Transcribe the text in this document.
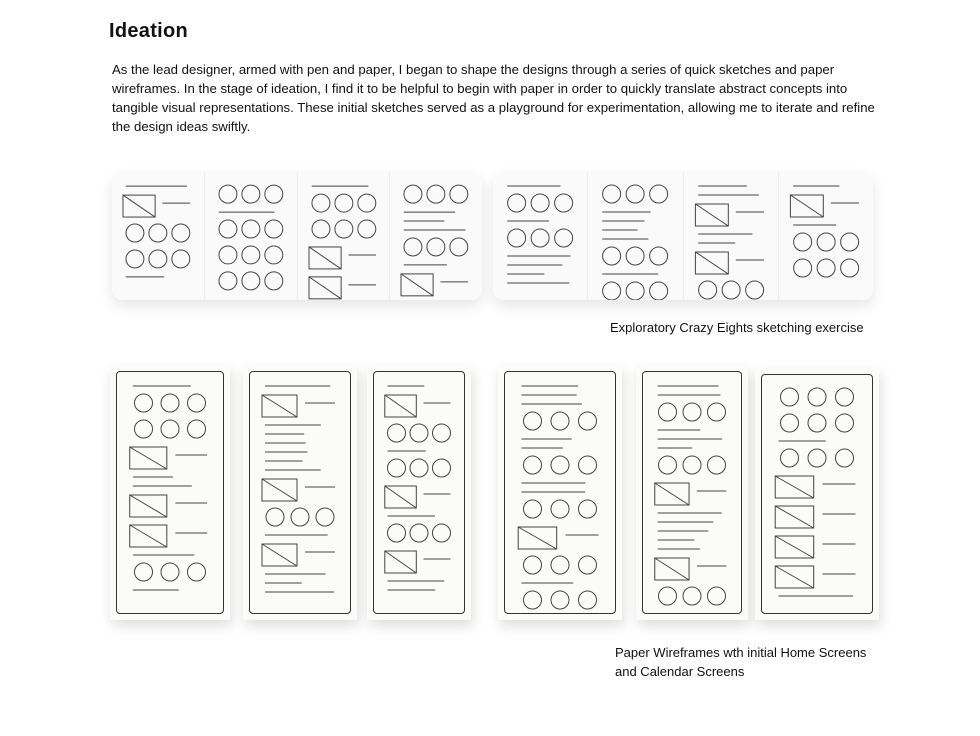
Ideation

As the lead designer, armed with pen and paper, I began to shape the designs through a series of quick sketches and paper wireframes. In the stage of ideation, I find it to be helpful to begin with paper in order to quickly translate abstract concepts into tangible visual representations. These initial sketches served as a playground for experimentation, allowing me to iterate and refine the design ideas swiftly.

Exploratory Crazy Eights sketching exercise
Paper Wireframes wth initial Home Screens
and Calendar Screens
